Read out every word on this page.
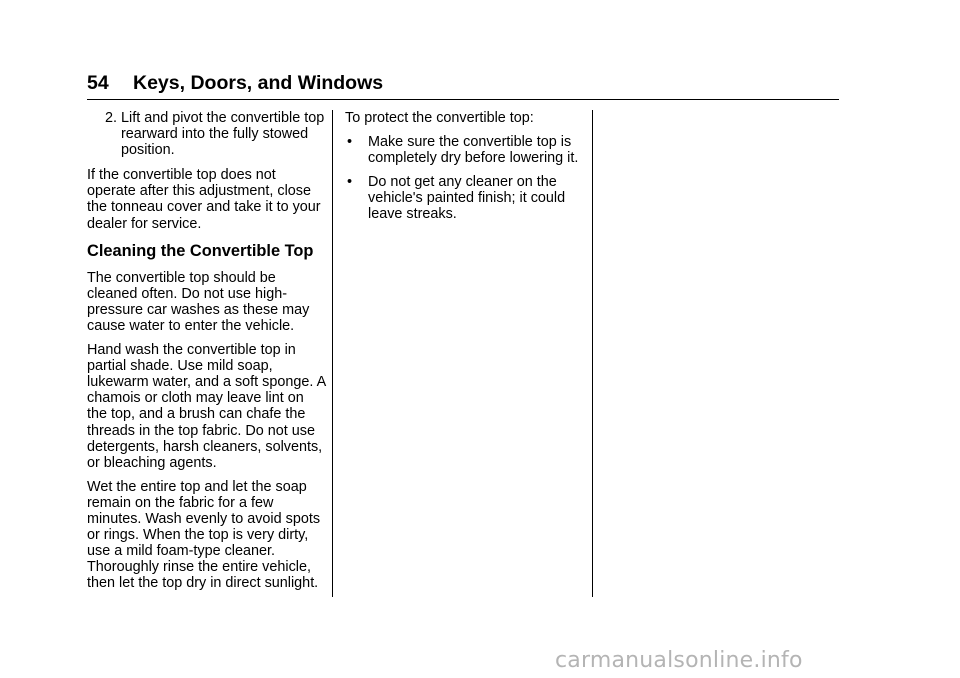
54 Keys, Doors, and Windows
2. Lift and pivot the convertible top rearward into the fully stowed position.

If the convertible top does not operate after this adjustment, close the tonneau cover and take it to your dealer for service.

Cleaning the Convertible Top

The convertible top should be cleaned often. Do not use high-pressure car washes as these may cause water to enter the vehicle.

Hand wash the convertible top in partial shade. Use mild soap, lukewarm water, and a soft sponge. A chamois or cloth may leave lint on the top, and a brush can chafe the threads in the top fabric. Do not use detergents, harsh cleaners, solvents, or bleaching agents.

Wet the entire top and let the soap remain on the fabric for a few minutes. Wash evenly to avoid spots or rings. When the top is very dirty, use a mild foam-type cleaner. Thoroughly rinse the entire vehicle, then let the top dry in direct sunlight.

To protect the convertible top:

•	Make sure the convertible top is completely dry before lowering it.
•	Do not get any cleaner on the vehicle's painted finish; it could leave streaks.
carmanualsonline.info
